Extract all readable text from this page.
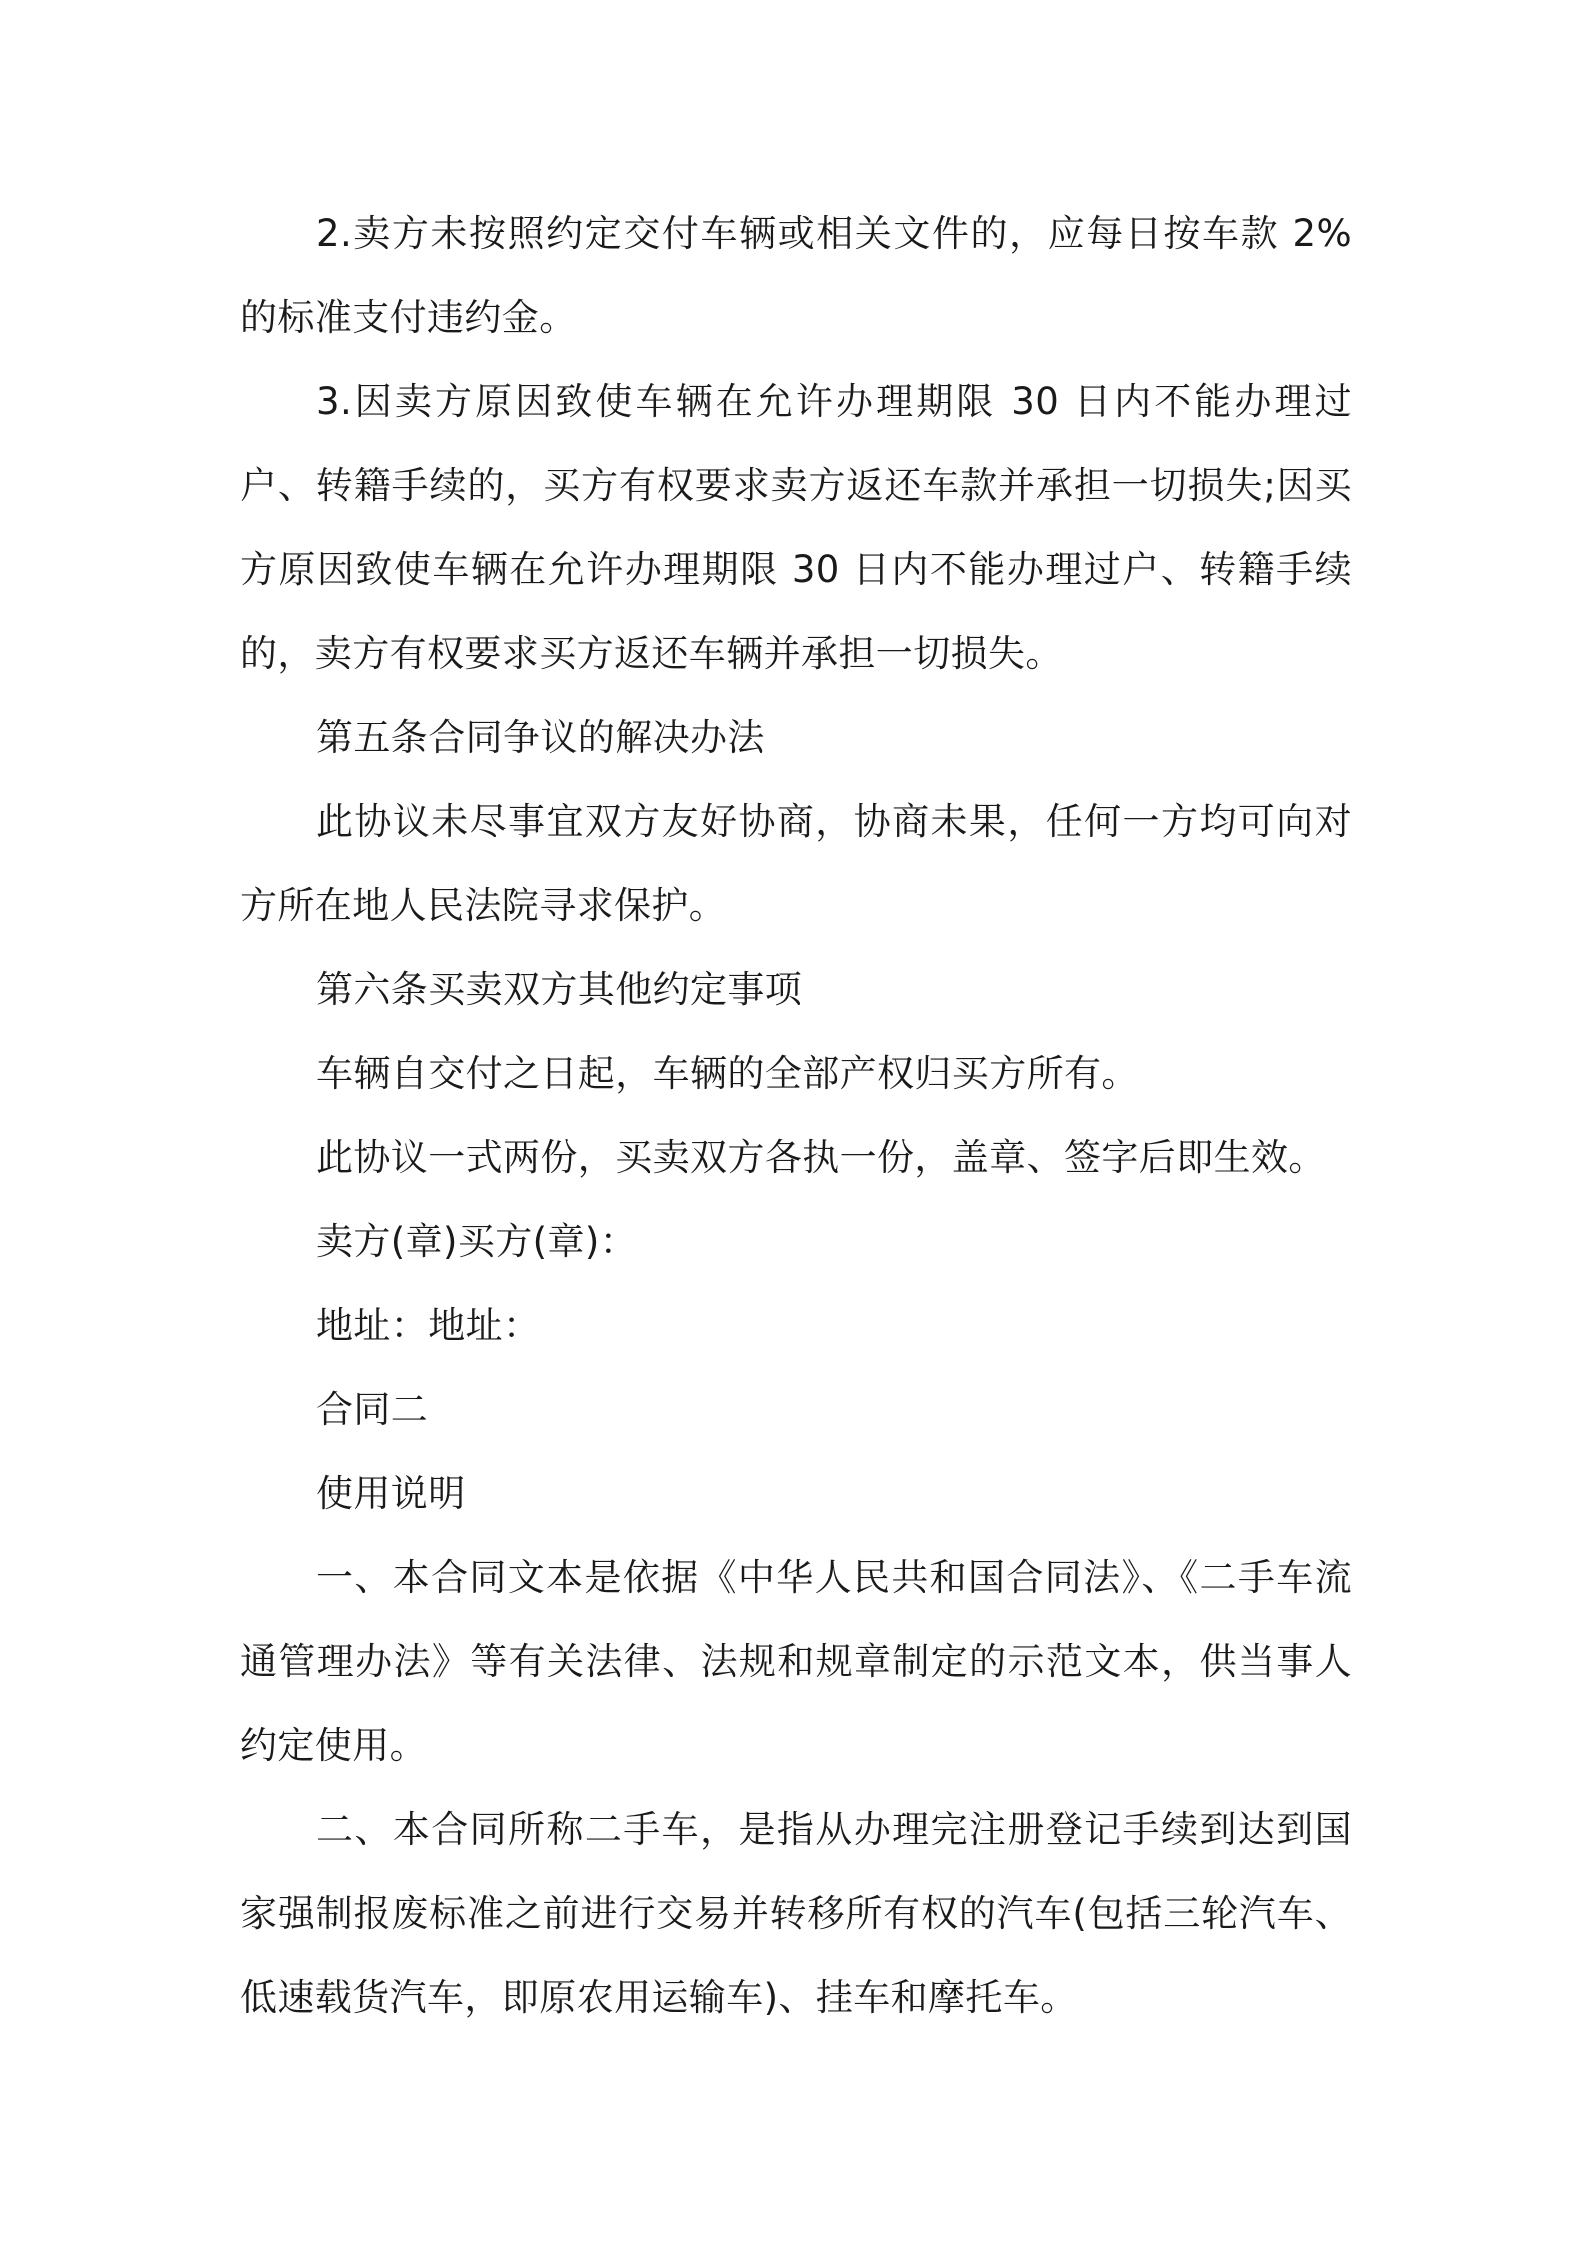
2.卖方未按照约定交付车辆或相关文件的，应每日按车款 2%的标准支付违约金。

3.因卖方原因致使车辆在允许办理期限 30 日内不能办理过户、转籍手续的，买方有权要求卖方返还车款并承担一切损失;因买方原因致使车辆在允许办理期限 30 日内不能办理过户、转籍手续的，卖方有权要求买方返还车辆并承担一切损失。

第五条合同争议的解决办法

此协议未尽事宜双方友好协商，协商未果，任何一方均可向对方所在地人民法院寻求保护。

第六条买卖双方其他约定事项

车辆自交付之日起，车辆的全部产权归买方所有。

此协议一式两份，买卖双方各执一份，盖章、签字后即生效。

卖方(章)买方(章)：

地址：地址：

合同二

使用说明

一、本合同文本是依据《中华人民共和国合同法》、《二手车流通管理办法》等有关法律、法规和规章制定的示范文本，供当事人约定使用。

二、本合同所称二手车，是指从办理完注册登记手续到达到国家强制报废标准之前进行交易并转移所有权的汽车(包括三轮汽车、低速载货汽车，即原农用运输车)、挂车和摩托车。
